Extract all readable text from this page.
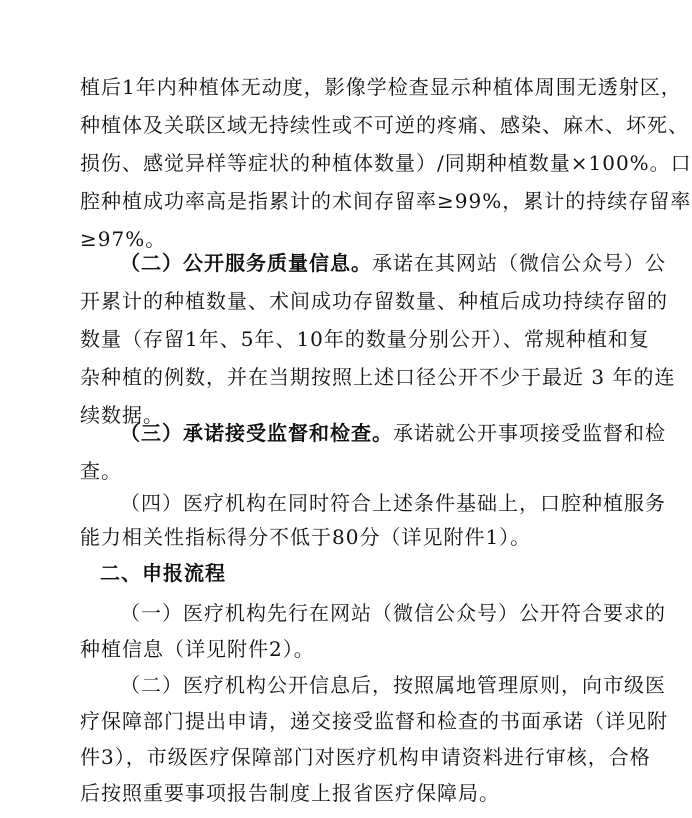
植后1年内种植体无动度，影像学检查显示种植体周围无透射区，
种植体及关联区域无持续性或不可逆的疼痛、感染、麻木、坏死、
损伤、感觉异样等症状的种植体数量）/同期种植数量×100%。口
腔种植成功率高是指累计的术间存留率≥99%，累计的持续存留率
≥97%。
（二）公开服务质量信息。承诺在其网站（微信公众号）公
开累计的种植数量、术间成功存留数量、种植后成功持续存留的
数量（存留1年、5年、10年的数量分别公开）、常规种植和复
杂种植的例数，并在当期按照上述口径公开不少于最近 3 年的连
续数据。
（三）承诺接受监督和检查。承诺就公开事项接受监督和检
查。
（四）医疗机构在同时符合上述条件基础上，口腔种植服务
能力相关性指标得分不低于80分（详见附件1）。
二、申报流程
（一）医疗机构先行在网站（微信公众号）公开符合要求的
种植信息（详见附件2）。
（二）医疗机构公开信息后，按照属地管理原则，向市级医
疗保障部门提出申请，递交接受监督和检查的书面承诺（详见附
件3），市级医疗保障部门对医疗机构申请资料进行审核，合格
后按照重要事项报告制度上报省医疗保障局。
